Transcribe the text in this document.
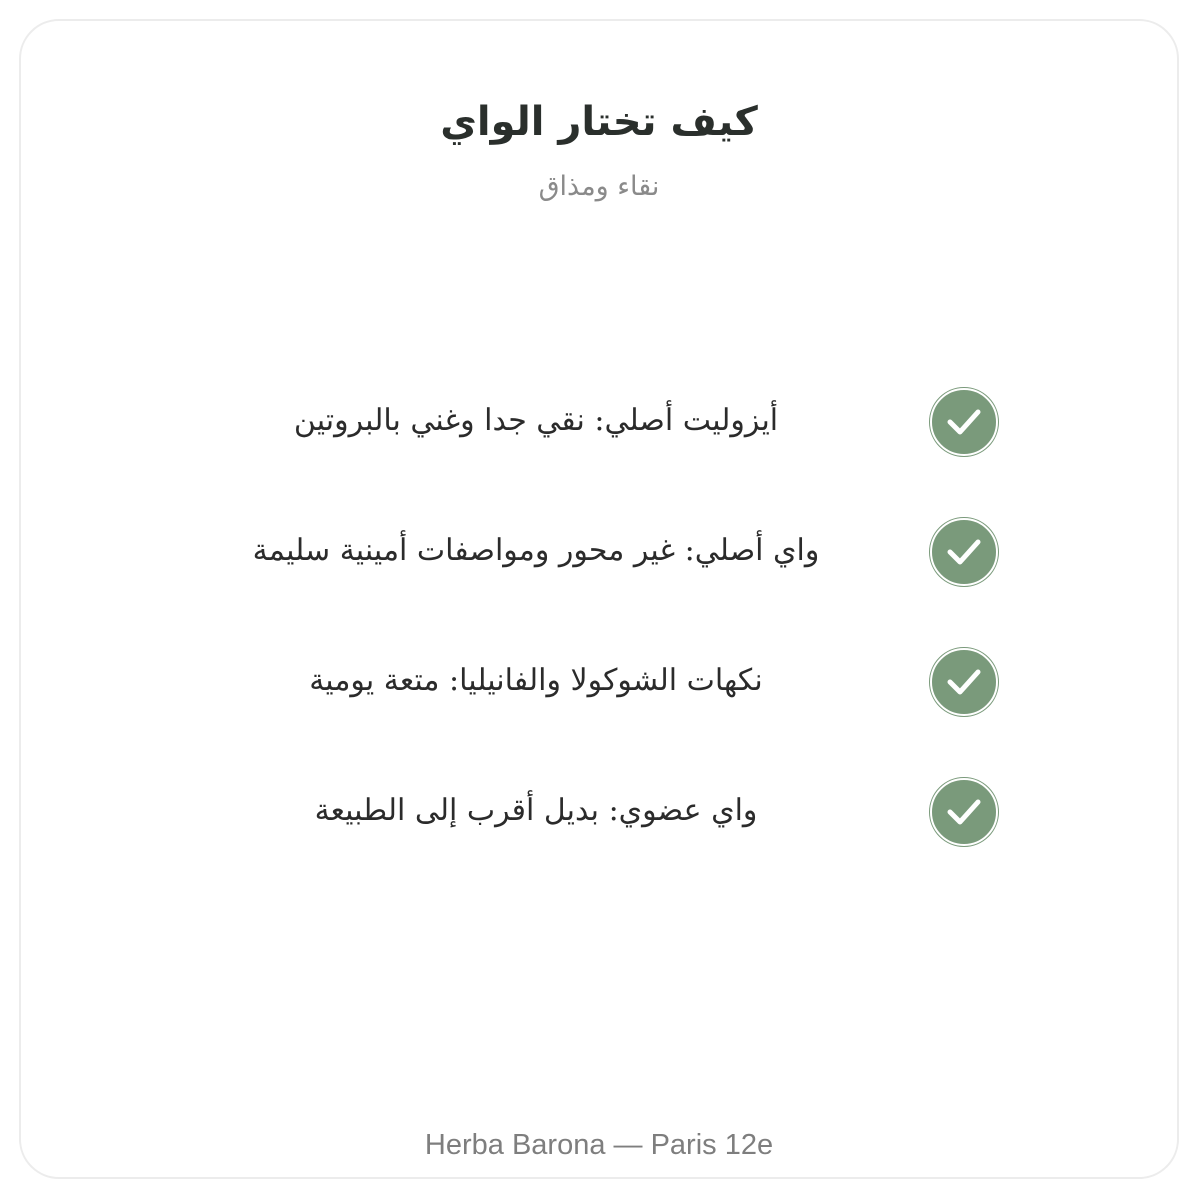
كيف تختار الواي
نقاء ومذاق
أيزوليت أصلي: نقي جدا وغني بالبروتين
واي أصلي: غير محور ومواصفات أمينية سليمة
نكهات الشوكولا والفانيليا: متعة يومية
واي عضوي: بديل أقرب إلى الطبيعة
Herba Barona — Paris 12e
